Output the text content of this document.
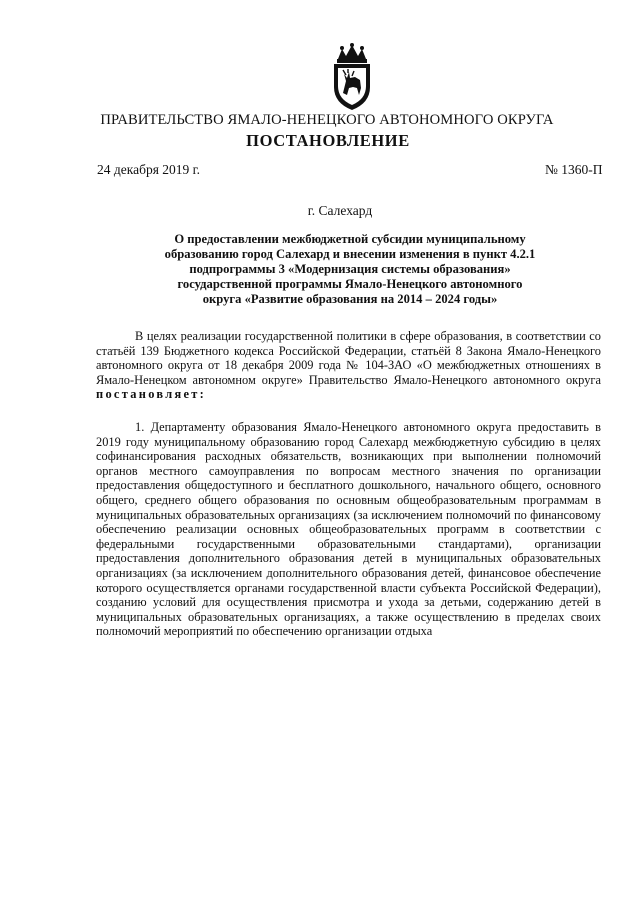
ПРАВИТЕЛЬСТВО ЯМАЛО-НЕНЕЦКОГО АВТОНОМНОГО ОКРУГА
ПОСТАНОВЛЕНИЕ
24 декабря 2019 г.	№ 1360-П
г. Салехард
О предоставлении межбюджетной субсидии муниципальному
образованию город Салехард и внесении изменения в пункт 4.2.1
подпрограммы 3 «Модернизация системы образования»
государственной программы Ямало-Ненецкого автономного
округа «Развитие образования на 2014 – 2024 годы»

В целях реализации государственной политики в сфере образования, в соответствии со статьёй 139 Бюджетного кодекса Российской Федерации, статьёй 8 Закона Ямало-Ненецкого автономного округа от 18 декабря 2009 года № 104-ЗАО «О межбюджетных отношениях в Ямало-Ненецком автономном округе» Правительство Ямало-Ненецкого автономного округа постановляет:

1. Департаменту образования Ямало-Ненецкого автономного округа предоставить в 2019 году муниципальному образованию город Салехард межбюджетную субсидию в целях софинансирования расходных обязательств, возникающих при выполнении полномочий органов местного самоуправления по вопросам местного значения по организации предоставления общедоступного и бесплатного дошкольного, начального общего, основного общего, среднего общего образования по основным общеобразовательным программам в муниципальных образовательных организациях (за исключением полномочий по финансовому обеспечению реализации основных общеобразовательных программ в соответствии с федеральными государственными образовательными стандартами), организации предоставления дополнительного образования детей в муниципальных образовательных организациях (за исключением дополнительного образования детей, финансовое обеспечение которого осуществляется органами государственной власти субъекта Российской Федерации), созданию условий для осуществления присмотра и ухода за детьми, содержанию детей в муниципальных образовательных организациях, а также осуществлению в пределах своих полномочий мероприятий по обеспечению организации отдыха
